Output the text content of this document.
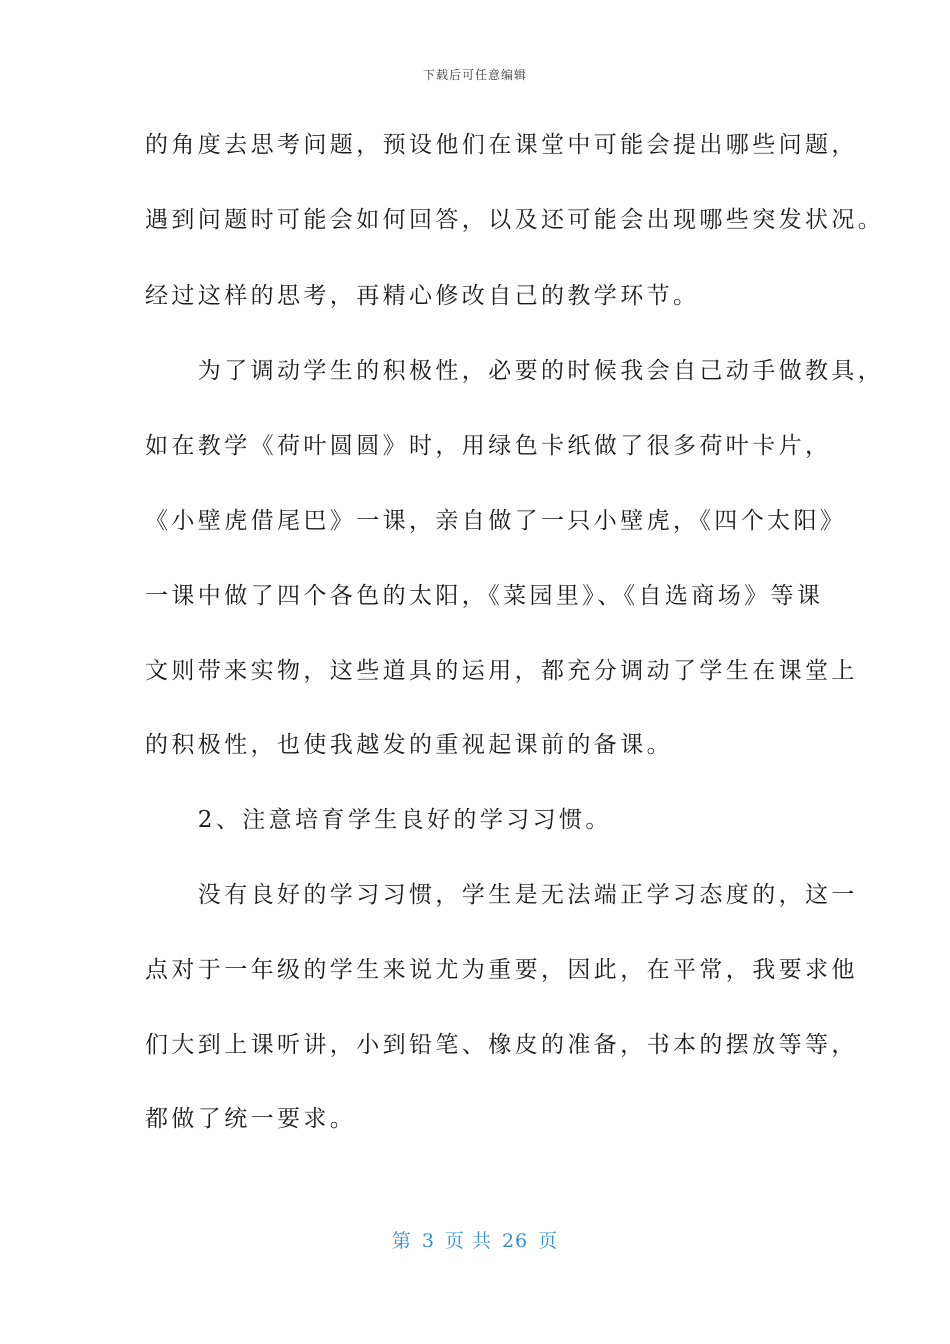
下载后可任意编辑
的角度去思考问题，预设他们在课堂中可能会提出哪些问题，
遇到问题时可能会如何回答，以及还可能会出现哪些突发状况。
经过这样的思考，再精心修改自己的教学环节。
　　为了调动学生的积极性，必要的时候我会自己动手做教具，
如在教学《荷叶圆圆》时，用绿色卡纸做了很多荷叶卡片，
《小壁虎借尾巴》一课，亲自做了一只小壁虎，《四个太阳》
一课中做了四个各色的太阳，《菜园里》、《自选商场》等课
文则带来实物，这些道具的运用，都充分调动了学生在课堂上
的积极性，也使我越发的重视起课前的备课。
　　2、注意培育学生良好的学习习惯。
　　没有良好的学习习惯，学生是无法端正学习态度的，这一
点对于一年级的学生来说尤为重要，因此，在平常，我要求他
们大到上课听讲，小到铅笔、橡皮的准备，书本的摆放等等，
都做了统一要求。
第 3 页 共 26 页
